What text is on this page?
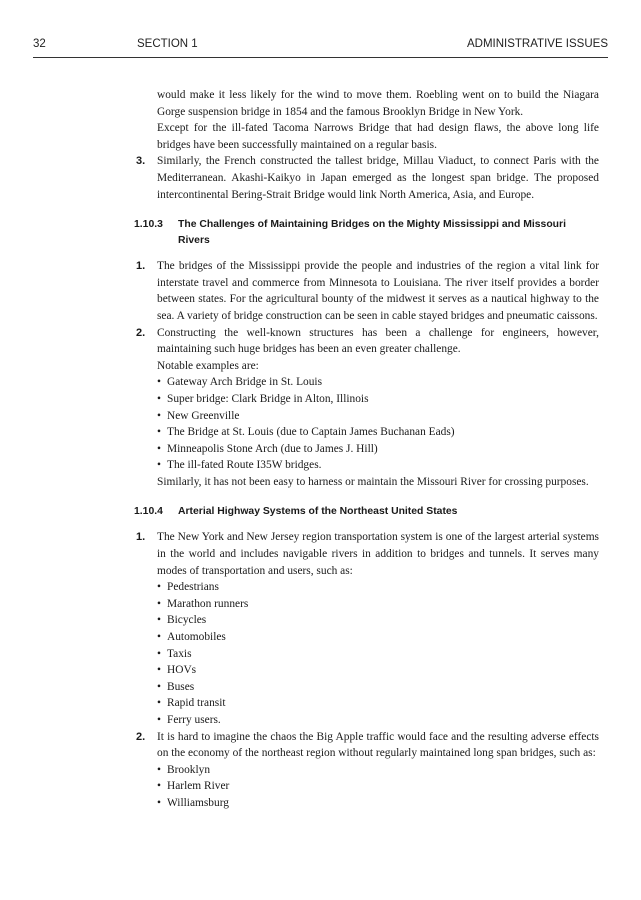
32	SECTION 1	ADMINISTRATIVE ISSUES

would make it less likely for the wind to move them. Roebling went on to build the Niagara Gorge suspension bridge in 1854 and the famous Brooklyn Bridge in New York.

Except for the ill-fated Tacoma Narrows Bridge that had design flaws, the above long life bridges have been successfully maintained on a regular basis.

3. Similarly, the French constructed the tallest bridge, Millau Viaduct, to connect Paris with the Mediterranean. Akashi-Kaikyo in Japan emerged as the longest span bridge. The proposed intercontinental Bering-Strait Bridge would link North America, Asia, and Europe.

1.10.3	The Challenges of Maintaining Bridges on the Mighty Mississippi and Missouri Rivers
1. The bridges of the Mississippi provide the people and industries of the region a vital link for interstate travel and commerce from Minnesota to Louisiana. The river itself provides a border between states. For the agricultural bounty of the midwest it serves as a nautical highway to the sea. A variety of bridge construction can be seen in cable stayed bridges and pneumatic caissons.

2. Constructing the well-known structures has been a challenge for engineers, however, maintaining such huge bridges has been an even greater challenge.

Notable examples are:

• Gateway Arch Bridge in St. Louis
• Super bridge: Clark Bridge in Alton, Illinois
• New Greenville
• The Bridge at St. Louis (due to Captain James Buchanan Eads)
• Minneapolis Stone Arch (due to James J. Hill)
• The ill-fated Route I35W bridges.

Similarly, it has not been easy to harness or maintain the Missouri River for crossing purposes.

1.10.4	Arterial Highway Systems of the Northeast United States
1. The New York and New Jersey region transportation system is one of the largest arterial systems in the world and includes navigable rivers in addition to bridges and tunnels. It serves many modes of transportation and users, such as:

• Pedestrians
• Marathon runners
• Bicycles
• Automobiles
• Taxis
• HOVs
• Buses
• Rapid transit
• Ferry users.
2. It is hard to imagine the chaos the Big Apple traffic would face and the resulting adverse effects on the economy of the northeast region without regularly maintained long span bridges, such as:

• Brooklyn
• Harlem River
• Williamsburg
